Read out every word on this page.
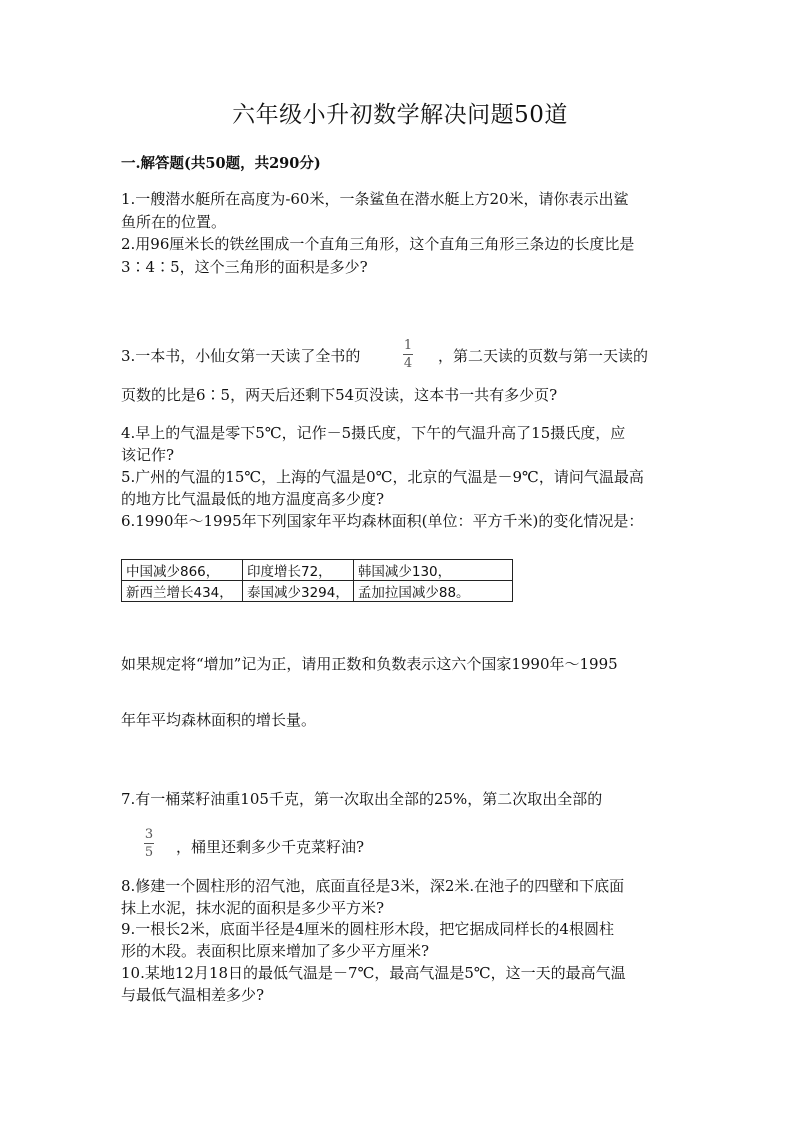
六年级小升初数学解决问题50道
一.解答题(共50题，共290分)
1.一艘潜水艇所在高度为-60米，一条鲨鱼在潜水艇上方20米，请你表示出鲨
鱼所在的位置。
2.用96厘米长的铁丝围成一个直角三角形，这个直角三角形三条边的长度比是
3∶4∶5，这个三角形的面积是多少?
3.一本书，小仙女第一天读了全书的
1
4 ，第二天读的页数与第一天读的
页数的比是6∶5，两天后还剩下54页没读，这本书一共有多少页?
4.早上的气温是零下5℃，记作－5摄氏度，下午的气温升高了15摄氏度，应
该记作?
5.广州的气温的15℃，上海的气温是0℃，北京的气温是－9℃，请问气温最高
的地方比气温最低的地方温度高多少度?
6.1990年～1995年下列国家年平均森林面积(单位：平方千米)的变化情况是：
中国减少866，	印度增长72，	韩国减少130，
新西兰增长434，	泰国减少3294，	孟加拉国减少88。
如果规定将“增加”记为正，请用正数和负数表示这六个国家1990年～1995
年年平均森林面积的增长量。
7.有一桶菜籽油重105千克，第一次取出全部的25%，第二次取出全部的
3
5 ，桶里还剩多少千克菜籽油?
8.修建一个圆柱形的沼气池，底面直径是3米，深2米.在池子的四壁和下底面
抹上水泥，抹水泥的面积是多少平方米?
9.一根长2米，底面半径是4厘米的圆柱形木段，把它据成同样长的4根圆柱
形的木段。表面积比原来增加了多少平方厘米?
10.某地12月18日的最低气温是－7℃，最高气温是5℃，这一天的最高气温
与最低气温相差多少?
